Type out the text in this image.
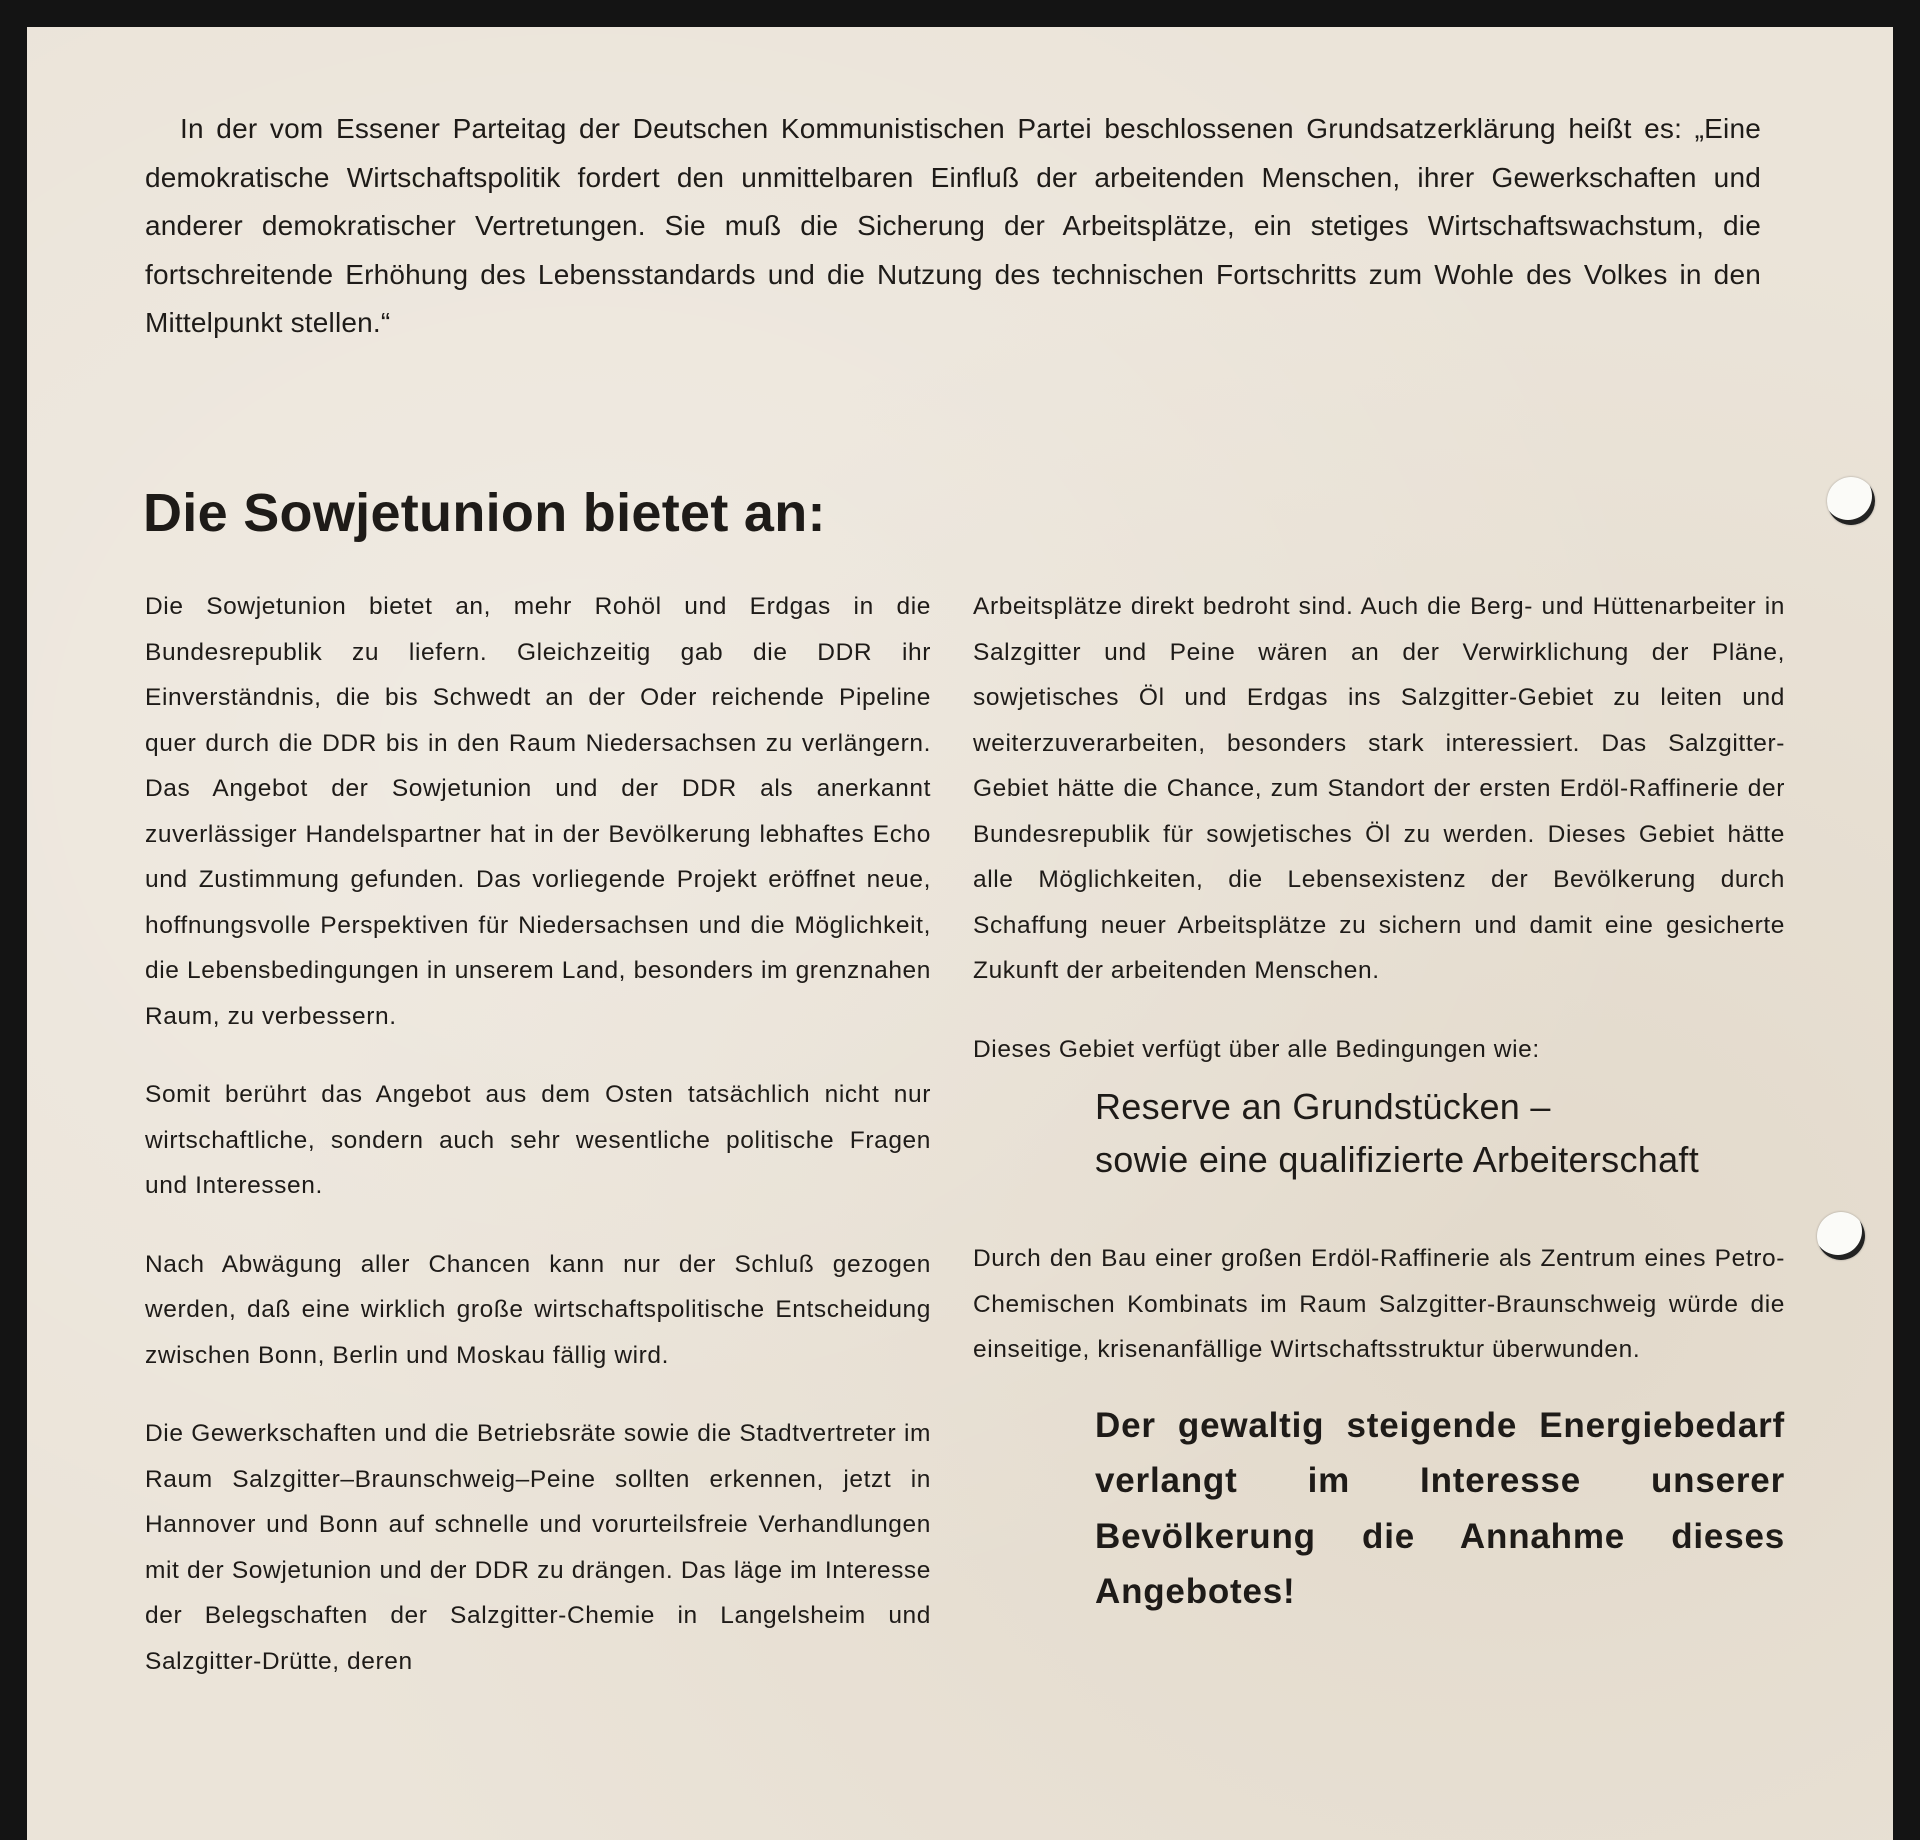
In der vom Essener Parteitag der Deutschen Kommunistischen Partei beschlossenen Grundsatzerklärung heißt es: „Eine demokratische Wirtschaftspolitik fordert den unmittelbaren Einfluß der arbeitenden Menschen, ihrer Gewerkschaften und anderer demokratischer Vertretungen. Sie muß die Sicherung der Arbeitsplätze, ein stetiges Wirtschaftswachstum, die fortschreitende Erhöhung des Lebensstandards und die Nutzung des technischen Fortschritts zum Wohle des Volkes in den Mittelpunkt stellen.“

Die Sowjetunion bietet an:

Die Sowjetunion bietet an, mehr Rohöl und Erdgas in die Bundesrepublik zu liefern. Gleichzeitig gab die DDR ihr Einverständnis, die bis Schwedt an der Oder reichende Pipeline quer durch die DDR bis in den Raum Niedersachsen zu verlängern. Das Angebot der Sowjetunion und der DDR als anerkannt zuverlässiger Handelspartner hat in der Bevölkerung lebhaftes Echo und Zustimmung gefunden. Das vorliegende Projekt eröffnet neue, hoffnungsvolle Perspektiven für Niedersachsen und die Möglichkeit, die Lebensbedingungen in unserem Land, besonders im grenznahen Raum, zu verbessern.

Somit berührt das Angebot aus dem Osten tatsächlich nicht nur wirtschaftliche, sondern auch sehr wesentliche politische Fragen und Interessen.

Nach Abwägung aller Chancen kann nur der Schluß gezogen werden, daß eine wirklich große wirtschaftspolitische Entscheidung zwischen Bonn, Berlin und Moskau fällig wird.

Die Gewerkschaften und die Betriebsräte sowie die Stadtvertreter im Raum Salzgitter–Braunschweig–Peine sollten erkennen, jetzt in Hannover und Bonn auf schnelle und vorurteilsfreie Verhandlungen mit der Sowjetunion und der DDR zu drängen. Das läge im Interesse der Belegschaften der Salzgitter-Chemie in Langelsheim und Salzgitter-Drütte, deren

Arbeitsplätze direkt bedroht sind. Auch die Berg- und Hüttenarbeiter in Salzgitter und Peine wären an der Verwirklichung der Pläne, sowjetisches Öl und Erdgas ins Salzgitter-Gebiet zu leiten und weiterzuverarbeiten, besonders stark interessiert. Das Salzgitter-Gebiet hätte die Chance, zum Standort der ersten Erdöl-Raffinerie der Bundesrepublik für sowjetisches Öl zu werden. Dieses Gebiet hätte alle Möglichkeiten, die Lebensexistenz der Bevölkerung durch Schaffung neuer Arbeitsplätze zu sichern und damit eine gesicherte Zukunft der arbeitenden Menschen.

Dieses Gebiet verfügt über alle Bedingungen wie:

Reserve an Grundstücken –
sowie eine qualifizierte Arbeiterschaft

Durch den Bau einer großen Erdöl-Raffinerie als Zentrum eines Petro-Chemischen Kombinats im Raum Salzgitter-Braunschweig würde die einseitige, krisenanfällige Wirtschaftsstruktur überwunden.

Der gewaltig steigende Energiebedarf verlangt im Interesse unserer Bevölkerung die Annahme dieses Angebotes!
